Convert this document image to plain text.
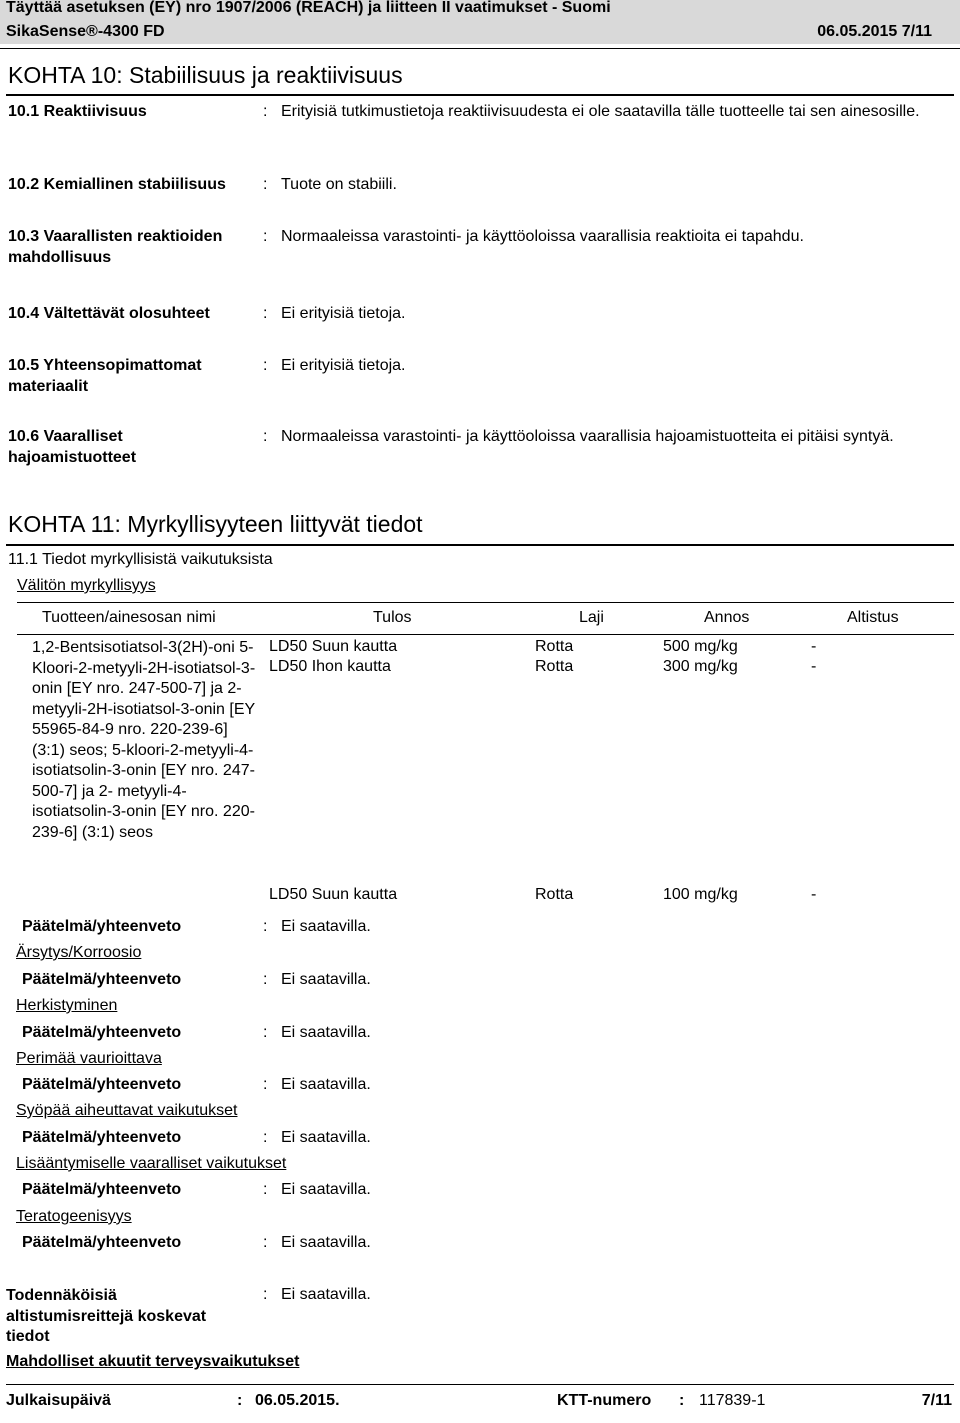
Täyttää asetuksen (EY) nro 1907/2006 (REACH) ja liitteen II vaatimukset - Suomi
SikaSense®-4300 FD	06.05.2015 7/11
KOHTA 10: Stabiilisuus ja reaktiivisuus
10.1 Reaktiivisuus	: Erityisiä tutkimustietoja reaktiivisuudesta ei ole saatavilla tälle tuotteelle tai sen ainesosille.
10.2 Kemiallinen stabiilisuus : Tuote on stabiili.
10.3 Vaarallisten reaktioiden mahdollisuus
: Normaaleissa varastointi- ja käyttöoloissa vaarallisia reaktioita ei tapahdu.
10.4 Vältettävät olosuhteet	: Ei erityisiä tietoja.
10.5 Yhteensopimattomat materiaalit
: Ei erityisiä tietoja.
10.6 Vaaralliset hajoamistuotteet
: Normaaleissa varastointi- ja käyttöoloissa vaarallisia hajoamistuotteita ei pitäisi syntyä.
KOHTA 11: Myrkyllisyyteen liittyvät tiedot
11.1 Tiedot myrkyllisistä vaikutuksista
Välitön myrkyllisyys
Tuotteen/ainesosan nimi	Tulos	Laji	Annos	Altistus
1,2-Bentsisotiatsol-3(2H)-oni 5-Kloori-2-metyyli-2H-isotiatsol-3-onin [EY nro. 247-500-7] ja 2-metyyli-2H-isotiatsol-3-onin [EY 55965-84-9 nro. 220-239-6] (3:1) seos; 5-kloori-2-metyyli-4-isotiatsolin-3-onin [EY nro. 247-500-7] ja 2- metyyli-4-isotiatsolin-3-onin [EY nro. 220-239-6] (3:1) seos
LD50 Suun kautta	Rotta	500 mg/kg	-
LD50 Ihon kautta	Rotta	300 mg/kg	-
LD50 Suun kautta	Rotta	100 mg/kg	-
Päätelmä/yhteenveto	: Ei saatavilla.
Ärsytys/Korroosio
Päätelmä/yhteenveto	: Ei saatavilla.
Herkistyminen
Päätelmä/yhteenveto	: Ei saatavilla.
Perimää vaurioittava
Päätelmä/yhteenveto	: Ei saatavilla.
Syöpää aiheuttavat vaikutukset
Päätelmä/yhteenveto	: Ei saatavilla.
Lisääntymiselle vaaralliset vaikutukset
Päätelmä/yhteenveto	: Ei saatavilla.
Teratogeenisyys
Päätelmä/yhteenveto	: Ei saatavilla.
Todennäköisiä altistumisreittejä koskevat tiedot
: Ei saatavilla.
Mahdolliset akuutit terveysvaikutukset
Julkaisupäivä	: 06.05.2015.	KTT-numero : 117839-1	7/11
